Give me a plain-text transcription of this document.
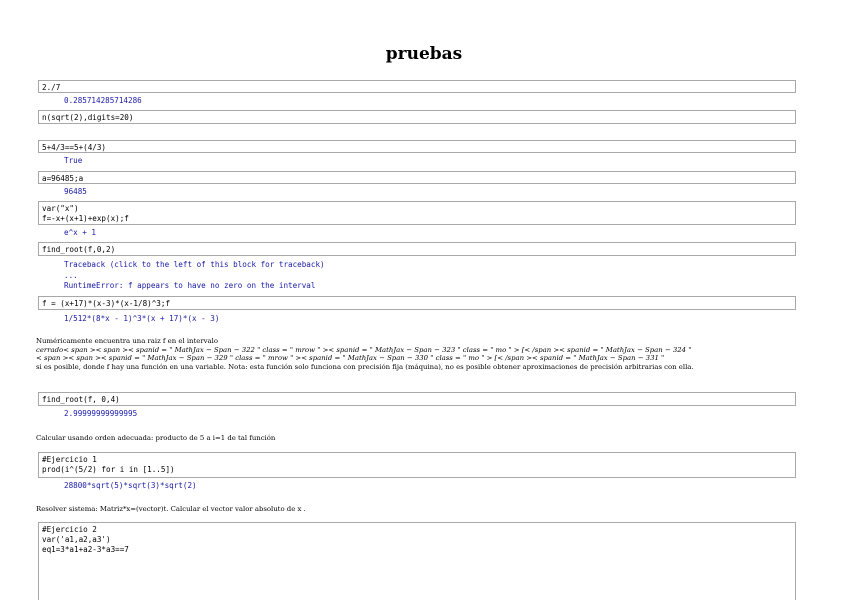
pruebas
2./7
0.285714285714286
n(sqrt(2),digits=20)
5+4/3==5+(4/3)
True
a=96485;a
96485
var("x")
f=-x+(x+1)+exp(x);f
e^x + 1
find_root(f,0,2)
Traceback (click to the left of this block for traceback)
...
RuntimeError: f appears to have no zero on the interval
f = (x+17)*(x-3)*(x-1/8)^3;f
1/512*(8*x - 1)^3*(x + 17)*(x - 3)
Numéricamente encuentra una raiz f en el intervalo
cerrado< span >< span >< spanid = " MathJax − Span − 322 " class = " mrow " >< spanid = " MathJax − Span − 323 " class = " mo " > [< /span >< spanid = " MathJax − Span − 324 "
< span >< span >< spanid = " MathJax − Span − 329 " class = " mrow " >< spanid = " MathJax − Span − 330 " class = " mo " > [< /span >< spanid = " MathJax − Span − 331 "
si es posible, donde f hay una función en una variable. Nota: esta función solo funciona con precisión fija (máquina), no es posible obtener aproximaciones de precisión arbitrarias con ella.
find_root(f, 0,4)
2.99999999999995
Calcular usando orden adecuada: producto de 5 a i=1 de tal función
#Ejercicio 1
prod(i^(5/2) for i in [1..5])
28800*sqrt(5)*sqrt(3)*sqrt(2)
Resolver sistema: Matriz*x=(vector)t. Calcular el vector valor absoluto de x .
#Ejercicio 2
var('a1,a2,a3')
eq1=3*a1+a2-3*a3==7
